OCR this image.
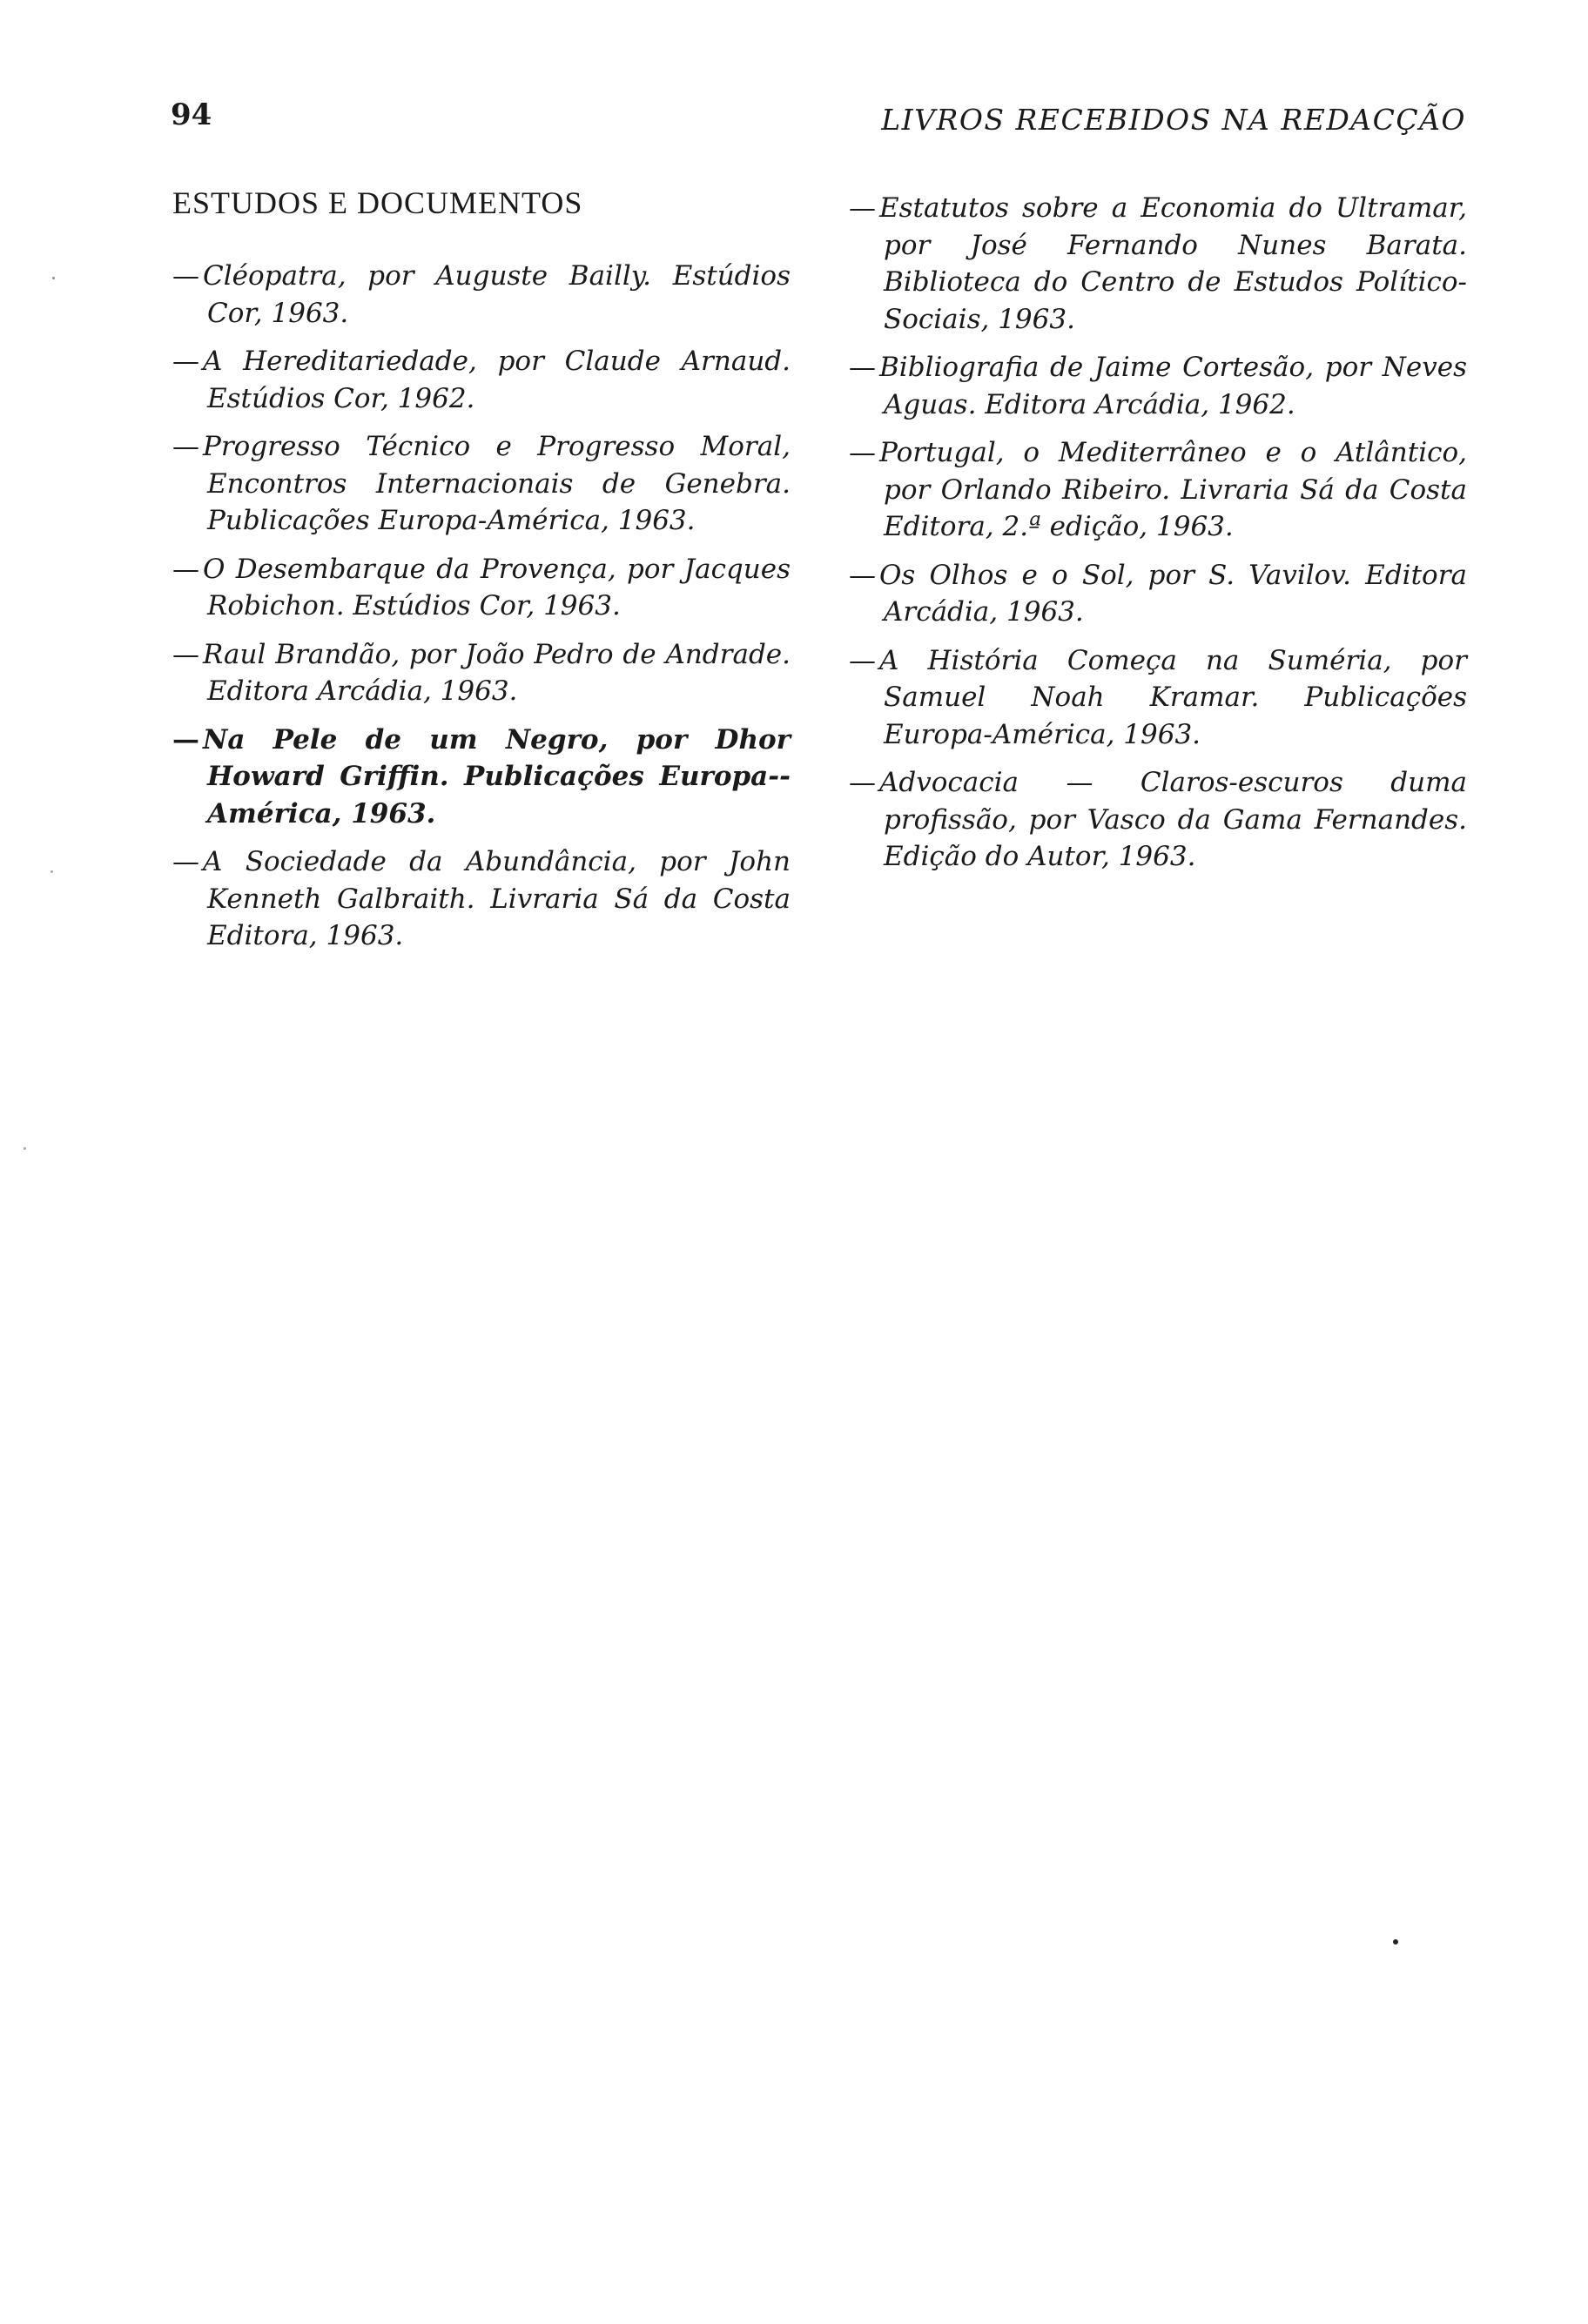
94	LIVROS RECEBIDOS NA REDACÇÃO
ESTUDOS E DOCUMENTOS

— Cléopatra, por Auguste Bailly. Estúdios Cor, 1963.

— A Hereditariedade, por Claude Arnaud. Estúdios Cor, 1962.

— Progresso Técnico e Progresso Moral, Encontros Internacionais de Genebra. Publicações Europa-América, 1963.

— O Desembarque da Provença, por Jacques Robichon. Estúdios Cor, 1963.

— Raul Brandão, por João Pedro de Andrade. Editora Arcádia, 1963.

— Na Pele de um Negro, por Dhor Howard Griffin. Publicações Europa--América, 1963.

— A Sociedade da Abundância, por John Kenneth Galbraith. Livraria Sá da Costa Editora, 1963.

— Estatutos sobre a Economia do Ultramar, por José Fernando Nunes Barata. Biblioteca do Centro de Estudos Político-Sociais, 1963.

— Bibliografia de Jaime Cortesão, por Neves Aguas. Editora Arcádia, 1962.

— Portugal, o Mediterrâneo e o Atlântico, por Orlando Ribeiro. Livraria Sá da Costa Editora, 2.ª edição, 1963.

— Os Olhos e o Sol, por S. Vavilov. Editora Arcádia, 1963.

— A História Começa na Suméria, por Samuel Noah Kramar. Publicações Europa-América, 1963.

— Advocacia — Claros-escuros duma profissão, por Vasco da Gama Fernandes. Edição do Autor, 1963.
